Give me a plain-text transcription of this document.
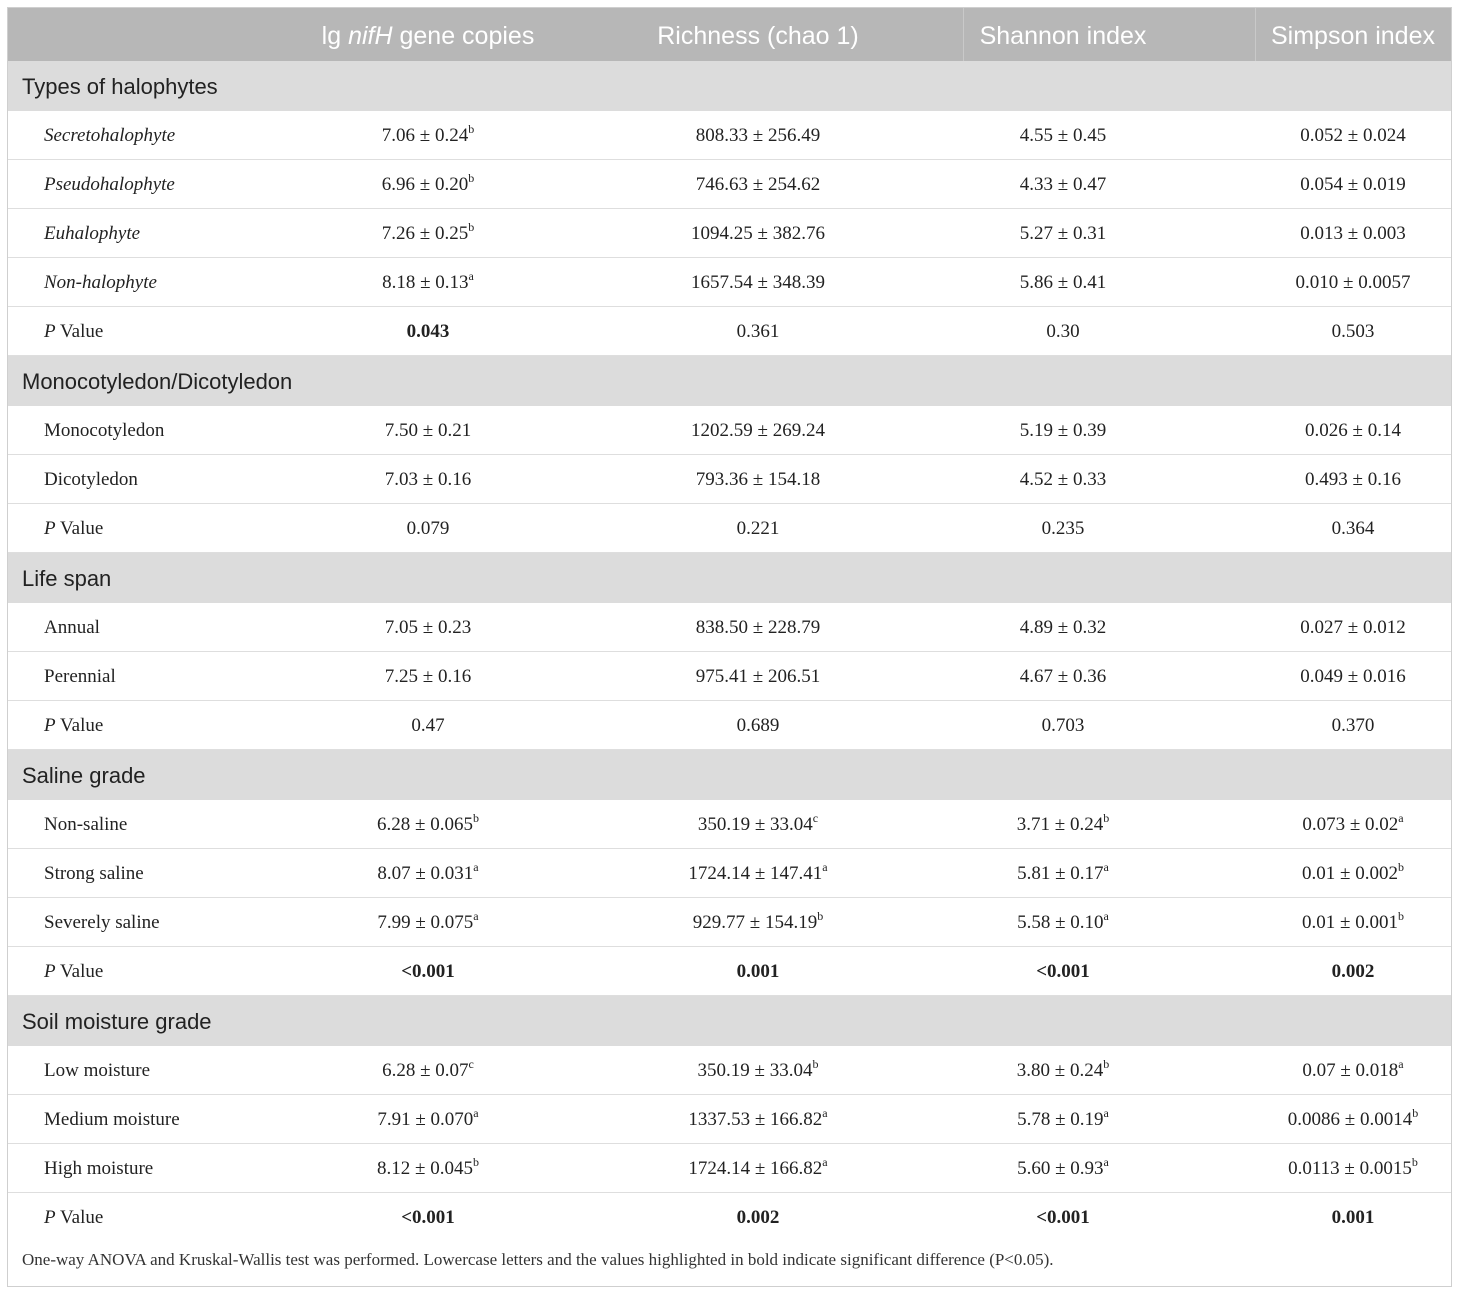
lg nifH gene copies	Richness (chao 1)	Shannon index	Simpson index
Types of halophytes
Secretohalophyte	7.06 ± 0.24$^b$	808.33 ± 256.49	4.55 ± 0.45	0.052 ± 0.024
Pseudohalophyte	6.96 ± 0.20$^b$	746.63 ± 254.62	4.33 ± 0.47	0.054 ± 0.019
Euhalophyte	7.26 ± 0.25$^b$	1094.25 ± 382.76	5.27 ± 0.31	0.013 ± 0.003
Non-halophyte	8.18 ± 0.13$^a$	1657.54 ± 348.39	5.86 ± 0.41	0.010 ± 0.0057
P Value	0.043	0.361	0.30	0.503
Monocotyledon/Dicotyledon
Monocotyledon	7.50 ± 0.21	1202.59 ± 269.24	5.19 ± 0.39	0.026 ± 0.14
Dicotyledon	7.03 ± 0.16	793.36 ± 154.18	4.52 ± 0.33	0.493 ± 0.16
P Value	0.079	0.221	0.235	0.364
Life span
Annual	7.05 ± 0.23	838.50 ± 228.79	4.89 ± 0.32	0.027 ± 0.012
Perennial	7.25 ± 0.16	975.41 ± 206.51	4.67 ± 0.36	0.049 ± 0.016
P Value	0.47	0.689	0.703	0.370
Saline grade
Non-saline	6.28 ± 0.065$^b$	350.19 ± 33.04$^c$	3.71 ± 0.24$^b$	0.073 ± 0.02$^a$
Strong saline	8.07 ± 0.031$^a$	1724.14 ± 147.41$^a$	5.81 ± 0.17$^a$	0.01 ± 0.002$^b$
Severely saline	7.99 ± 0.075$^a$	929.77 ± 154.19$^b$	5.58 ± 0.10$^a$	0.01 ± 0.001$^b$
P Value	<0.001	0.001	<0.001	0.002
Soil moisture grade
Low moisture	6.28 ± 0.07$^c$	350.19 ± 33.04$^b$	3.80 ± 0.24$^b$	0.07 ± 0.018$^a$
Medium moisture	7.91 ± 0.070$^a$	1337.53 ± 166.82$^a$	5.78 ± 0.19$^a$	0.0086 ± 0.0014$^b$
High moisture	8.12 ± 0.045$^b$	1724.14 ± 166.82$^a$	5.60 ± 0.93$^a$	0.0113 ± 0.0015$^b$
P Value	<0.001	0.002	<0.001	0.001
One-way ANOVA and Kruskal-Wallis test was performed. Lowercase letters and the values highlighted in bold indicate significant difference (P<0.05).
